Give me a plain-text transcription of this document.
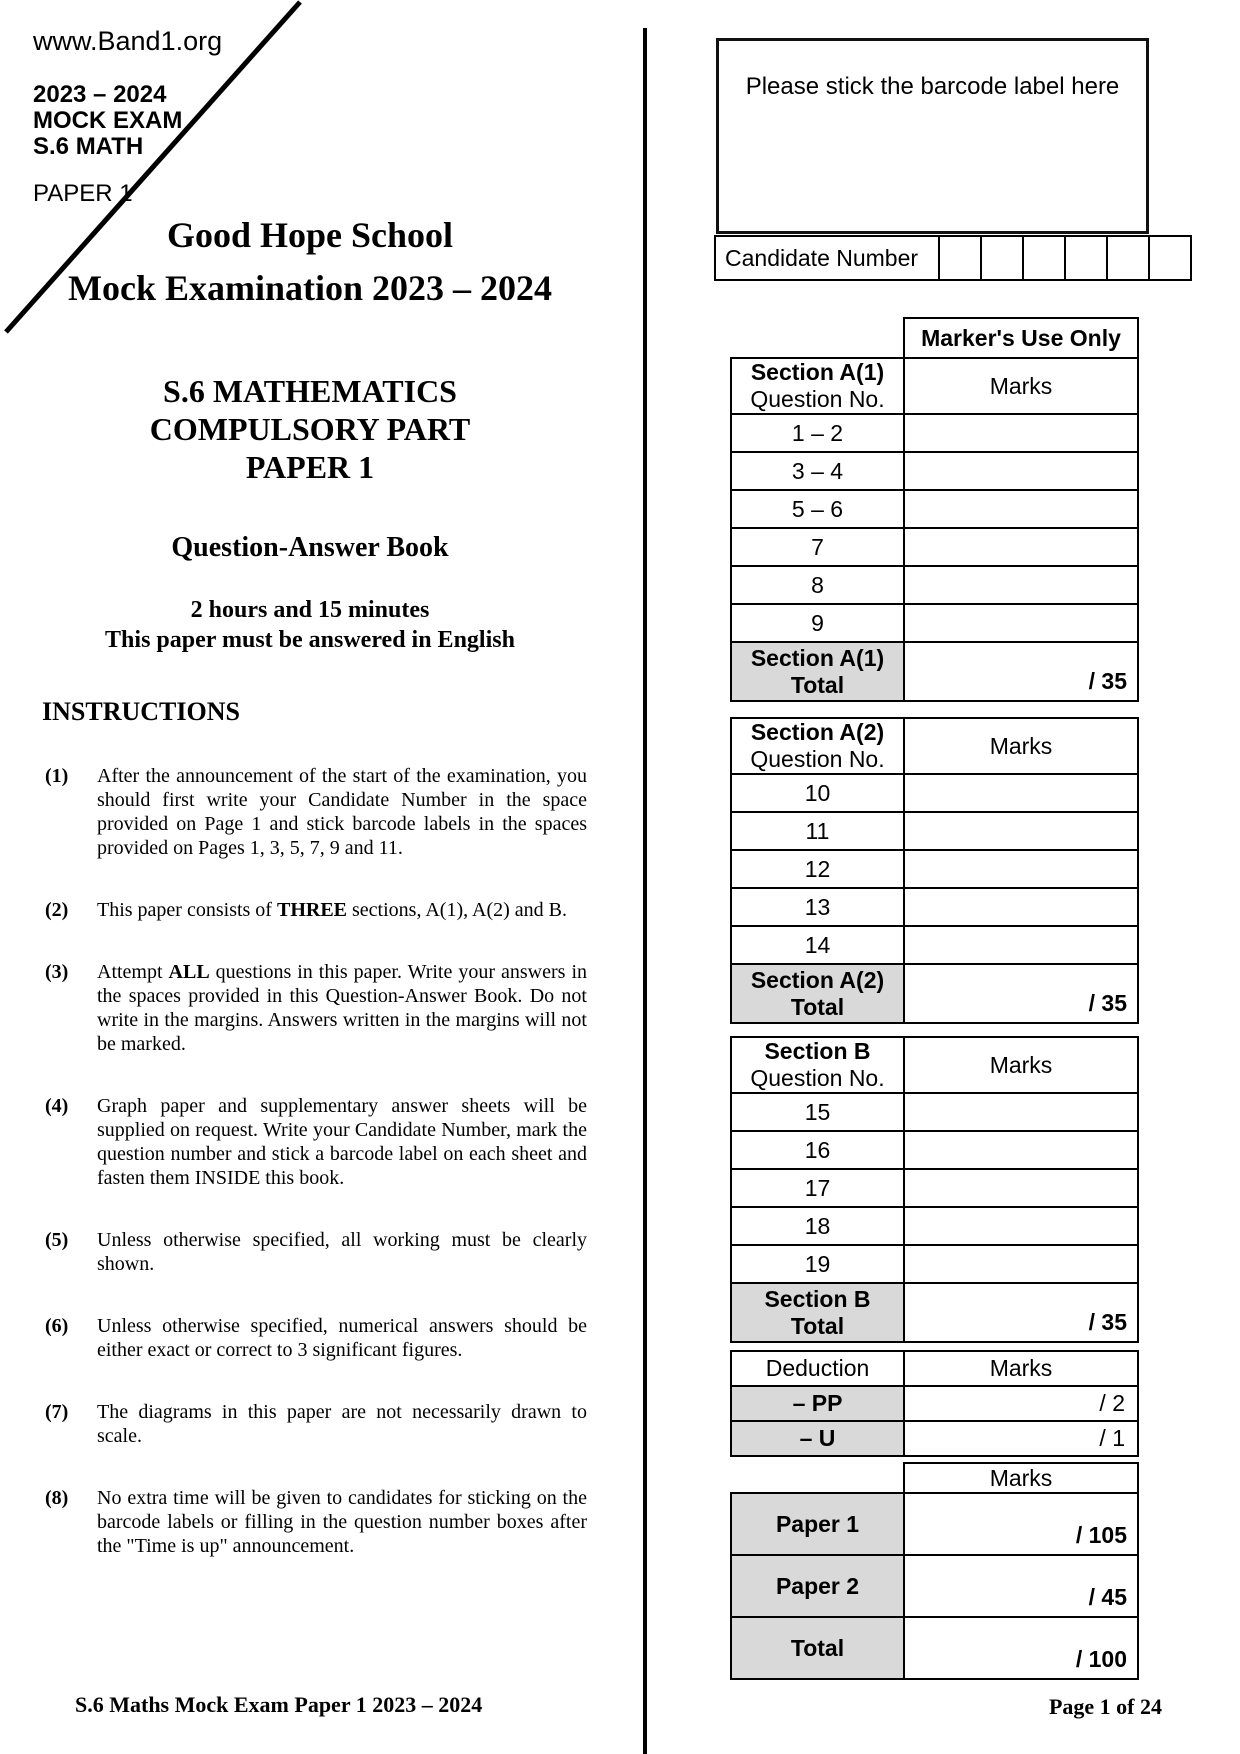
www.Band1.org
2023 – 2024
MOCK EXAM
S.6 MATH
PAPER 1
Good Hope School
Mock Examination 2023 – 2024
S.6 MATHEMATICS
COMPULSORY PART
PAPER 1
Question-Answer Book
2 hours and 15 minutes
This paper must be answered in English
INSTRUCTIONS
(1)	After the announcement of the start of the examination, you should first write your Candidate Number in the space provided on Page 1 and stick barcode labels in the spaces provided on Pages 1, 3, 5, 7, 9 and 11.
(2)	This paper consists of THREE sections, A(1), A(2) and B.
(3)	Attempt ALL questions in this paper. Write your answers in the spaces provided in this Question-Answer Book. Do not write in the margins. Answers written in the margins will not be marked.
(4)	Graph paper and supplementary answer sheets will be supplied on request. Write your Candidate Number, mark the question number and stick a barcode label on each sheet and fasten them INSIDE this book.
(5)	Unless otherwise specified, all working must be clearly shown.
(6)	Unless otherwise specified, numerical answers should be either exact or correct to 3 significant figures.
(7)	The diagrams in this paper are not necessarily drawn to scale.
(8)	No extra time will be given to candidates for sticking on the barcode labels or filling in the question number boxes after the "Time is up" announcement.
Please stick the barcode label here
Candidate Number						
	Marker's Use Only

Section A(1)
Question No.	Marks
1 – 2	
3 – 4	
5 – 6	
7	
8	
9	

Section A(1)
Total	/ 35
Section A(2)
Question No.	Marks
10	
11	
12	
13	
14	

Section A(2)
Total	/ 35
Section B
Question No.	Marks
15	
16	
17	
18	
19	

Section B
Total	/ 35
Deduction	Marks
– PP	/ 2
– U	/ 1
	Marks
Paper 1	/ 105
Paper 2	/ 45
Total	/ 100
S.6 Maths Mock Exam Paper 1 2023 – 2024	Page 1 of 24
